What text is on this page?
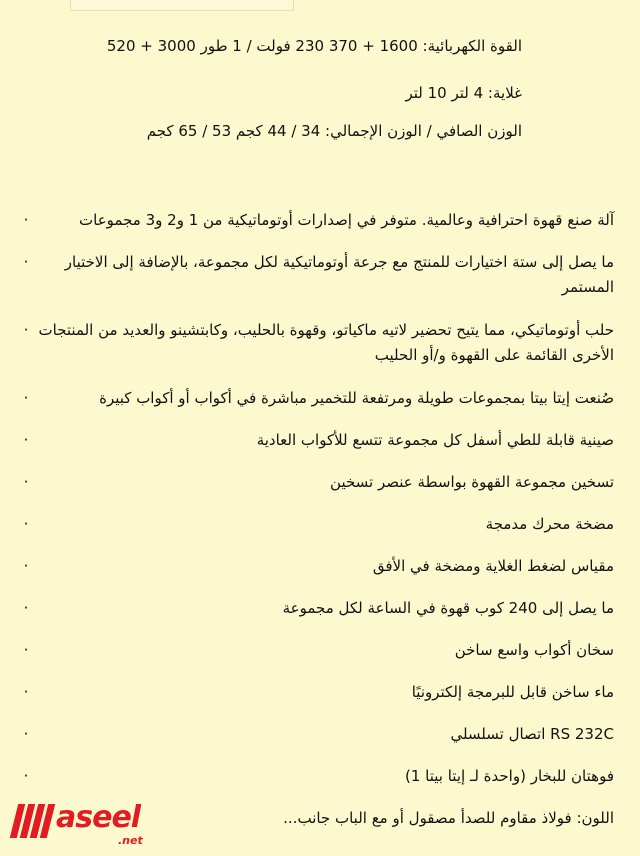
القوة الكهربائية: 1600 + 370 230 فولت / 1 طور 3000 + 520
غلاية: 4 لتر 10 لتر
الوزن الصافي / الوزن الإجمالي: 34 / 44 كجم 53 / 65 كجم
·	آلة صنع قهوة احترافية وعالمية. متوفر في إصدارات أوتوماتيكية من 1 و2 و3 مجموعات
· ما يصل إلى ستة اختيارات للمنتج مع جرعة أوتوماتيكية لكل مجموعة، بالإضافة إلى الاختيار المستمر
· حلب أوتوماتيكي، مما يتيح تحضير لاتيه ماكياتو، وقهوة بالحليب، وكابتشينو والعديد من المنتجات الأخرى القائمة على القهوة و/أو الحليب
·	صُنعت إيتا بيتا بمجموعات طويلة ومرتفعة للتخمير مباشرة في أكواب أو أكواب كبيرة
·	صينية قابلة للطي أسفل كل مجموعة تتسع للأكواب العادية
·	تسخين مجموعة القهوة بواسطة عنصر تسخين
·	مضخة محرك مدمجة
·	مقياس لضغط الغلاية ومضخة في الأفق
·	ما يصل إلى 240 كوب قهوة في الساعة لكل مجموعة
·	سخان أكواب واسع ساخن
·	ماء ساخن قابل للبرمجة إلكترونيًا
·	RS 232C اتصال تسلسلي
·	فوهتان للبخار (واحدة لـ إيتا بيتا 1)
اللون: فولاذ مقاوم للصدأ مصقول أو مع الباب جانب...
aseel
.net
